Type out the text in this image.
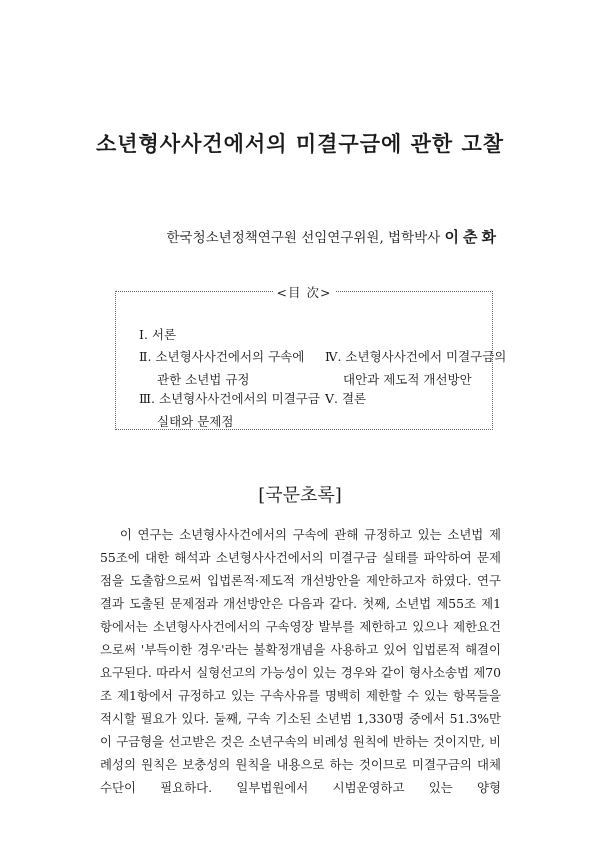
소년형사사건에서의 미결구금에 관한 고찰
한국청소년정책연구원 선임연구위원, 법학박사 이춘화
<目 次>
Ⅰ. 서론
Ⅱ. 소년형사사건에서의 구속에
관한 소년법 규정
Ⅲ. 소년형사사건에서의 미결구금
실태와 문제점
Ⅳ. 소년형사사건에서 미결구금의
대안과 제도적 개선방안
Ⅴ. 결론
[국문초록]

이 연구는 소년형사사건에서의 구속에 관해 규정하고 있는 소년법 제55조에 대한 해석과 소년형사사건에서의 미결구금 실태를 파악하여 문제점을 도출함으로써 입법론적·제도적 개선방안을 제안하고자 하였다. 연구결과 도출된 문제점과 개선방안은 다음과 같다. 첫째, 소년법 제55조 제1항에서는 소년형사사건에서의 구속영장 발부를 제한하고 있으나 제한요건으로써 '부득이한 경우'라는 불확정개념을 사용하고 있어 입법론적 해결이 요구된다. 따라서 실형선고의 가능성이 있는 경우와 같이 형사소송법 제70조 제1항에서 규정하고 있는 구속사유를 명백히 제한할 수 있는 항목들을 적시할 필요가 있다. 둘째, 구속 기소된 소년범 1,330명 중에서 51.3%만이 구금형을 선고받은 것은 소년구속의 비례성 원칙에 반하는 것이지만, 비례성의 원칙은 보충성의 원칙을 내용으로 하는 것이므로 미결구금의 대체수단이 필요하다. 일부법원에서 시범운영하고 있는 양형
